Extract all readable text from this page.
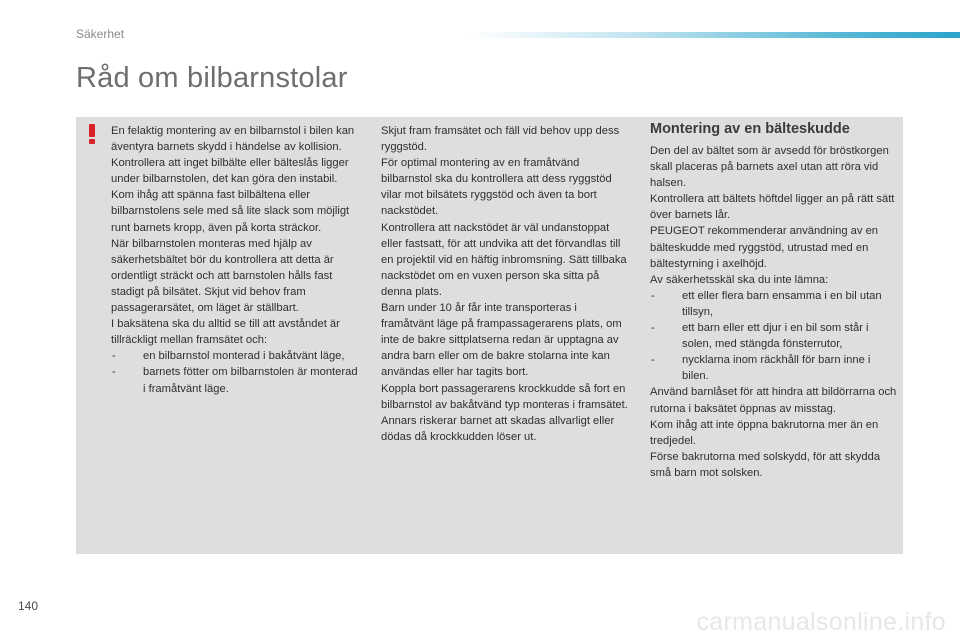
Säkerhet
Råd om bilbarnstolar

En felaktig montering av en bilbarnstol i bilen kan äventyra barnets skydd i händelse av kollision.

Kontrollera att inget bilbälte eller bälteslås ligger under bilbarnstolen, det kan göra den instabil.

Kom ihåg att spänna fast bilbältena eller bilbarnstolens sele med så lite slack som möjligt runt barnets kropp, även på korta sträckor.

När bilbarnstolen monteras med hjälp av säkerhetsbältet bör du kontrollera att detta är ordentligt sträckt och att barnstolen hålls fast stadigt på bilsätet. Skjut vid behov fram passagerarsätet, om läget är ställbart.

I baksätena ska du alltid se till att avståndet är tillräckligt mellan framsätet och:

- en bilbarnstol monterad i bakåtvänt läge,
- barnets fötter om bilbarnstolen är monterad i framåtvänt läge.

Skjut fram framsätet och fäll vid behov upp dess ryggstöd.

För optimal montering av en framåtvänd bilbarnstol ska du kontrollera att dess ryggstöd vilar mot bilsätets ryggstöd och även ta bort nackstödet.

Kontrollera att nackstödet är väl undanstoppat eller fastsatt, för att undvika att det förvandlas till en projektil vid en häftig inbromsning. Sätt tillbaka nackstödet om en vuxen person ska sitta på denna plats.

Barn under 10 år får inte transporteras i framåtvänt läge på frampassagerarens plats, om inte de bakre sittplatserna redan är upptagna av andra barn eller om de bakre stolarna inte kan användas eller har tagits bort.

Koppla bort passagerarens krockkudde så fort en bilbarnstol av bakåtvänd typ monteras i framsätet.

Annars riskerar barnet att skadas allvarligt eller dödas då krockkudden löser ut.

Montering av en bälteskudde

Den del av bältet som är avsedd för bröstkorgen skall placeras på barnets axel utan att röra vid halsen.

Kontrollera att bältets höftdel ligger an på rätt sätt över barnets lår.

PEUGEOT rekommenderar användning av en bälteskudde med ryggstöd, utrustad med en bältestyrning i axelhöjd.

Av säkerhetsskäl ska du inte lämna:

- ett eller flera barn ensamma i en bil utan tillsyn,
- ett barn eller ett djur i en bil som står i solen, med stängda fönsterrutor,
- nycklarna inom räckhåll för barn inne i bilen.

Använd barnlåset för att hindra att bildörrarna och rutorna i baksätet öppnas av misstag.

Kom ihåg att inte öppna bakrutorna mer än en tredjedel.

Förse bakrutorna med solskydd, för att skydda små barn mot solsken.

140
carmanualsonline.info
